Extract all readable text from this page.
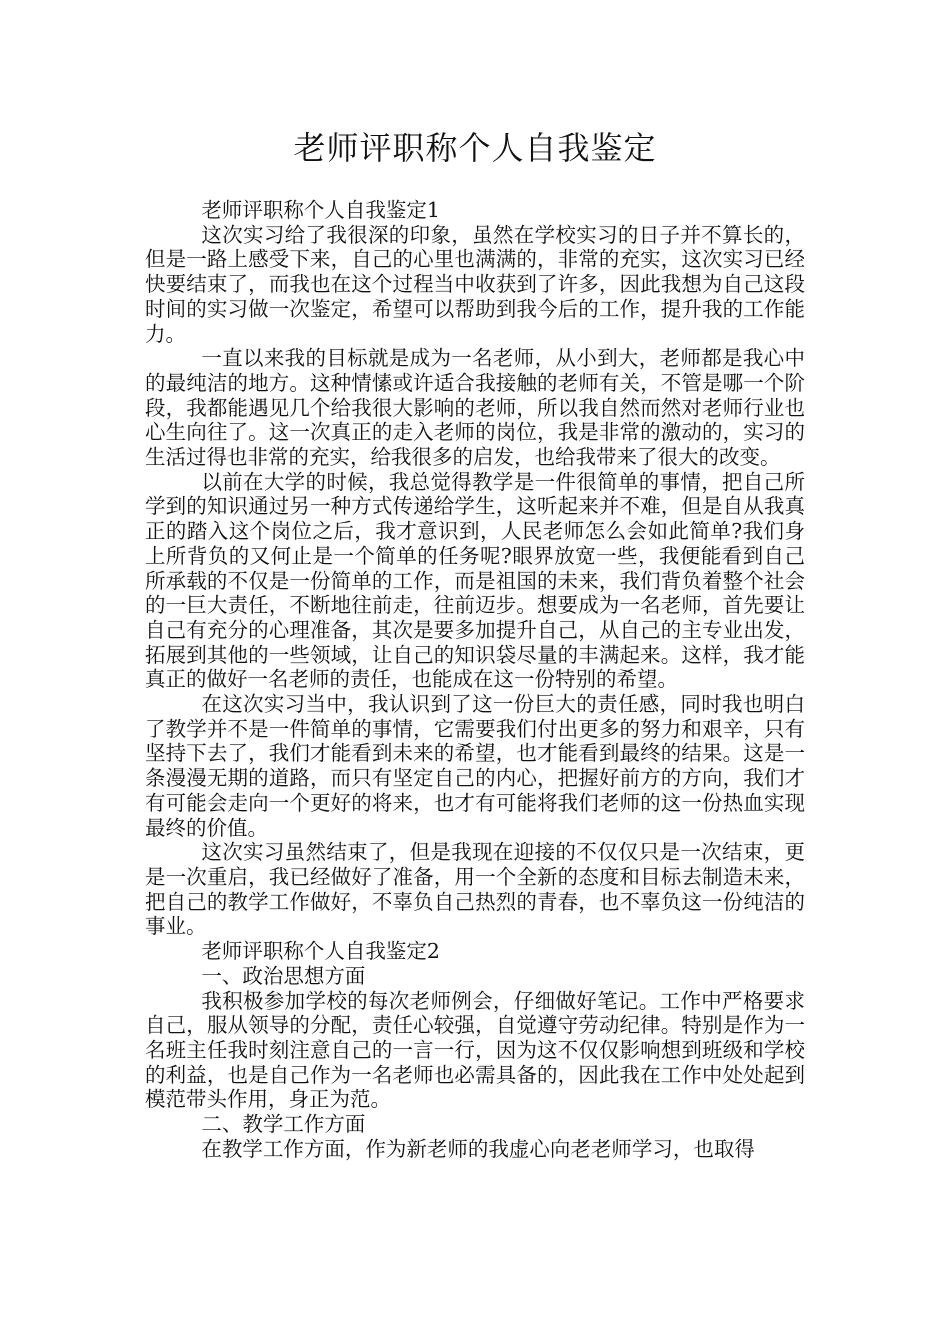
老师评职称个人自我鉴定

老师评职称个人自我鉴定1

这次实习给了我很深的印象，虽然在学校实习的日子并不算长的，但是一路上感受下来，自己的心里也满满的，非常的充实，这次实习已经快要结束了，而我也在这个过程当中收获到了许多，因此我想为自己这段时间的实习做一次鉴定，希望可以帮助到我今后的工作，提升我的工作能力。

一直以来我的目标就是成为一名老师，从小到大，老师都是我心中的最纯洁的地方。这种情愫或许适合我接触的老师有关，不管是哪一个阶段，我都能遇见几个给我很大影响的老师，所以我自然而然对老师行业也心生向往了。这一次真正的走入老师的岗位，我是非常的激动的，实习的生活过得也非常的充实，给我很多的启发，也给我带来了很大的改变。

以前在大学的时候，我总觉得教学是一件很简单的事情，把自己所学到的知识通过另一种方式传递给学生，这听起来并不难，但是自从我真正的踏入这个岗位之后，我才意识到，人民老师怎么会如此简单?我们身上所背负的又何止是一个简单的任务呢?眼界放宽一些，我便能看到自己所承载的不仅是一份简单的工作，而是祖国的未来，我们背负着整个社会的一巨大责任，不断地往前走，往前迈步。想要成为一名老师，首先要让自己有充分的心理准备，其次是要多加提升自己，从自己的主专业出发，拓展到其他的一些领域，让自己的知识袋尽量的丰满起来。这样，我才能真正的做好一名老师的责任，也能成在这一份特别的希望。

在这次实习当中，我认识到了这一份巨大的责任感，同时我也明白了教学并不是一件简单的事情，它需要我们付出更多的努力和艰辛，只有坚持下去了，我们才能看到未来的希望，也才能看到最终的结果。这是一条漫漫无期的道路，而只有坚定自己的内心，把握好前方的方向，我们才有可能会走向一个更好的将来，也才有可能将我们老师的这一份热血实现最终的价值。

这次实习虽然结束了，但是我现在迎接的不仅仅只是一次结束，更是一次重启，我已经做好了准备，用一个全新的态度和目标去制造未来，把自己的教学工作做好，不辜负自己热烈的青春，也不辜负这一份纯洁的事业。

老师评职称个人自我鉴定2

一、政治思想方面

我积极参加学校的每次老师例会，仔细做好笔记。工作中严格要求自己，服从领导的分配，责任心较强，自觉遵守劳动纪律。特别是作为一名班主任我时刻注意自己的一言一行，因为这不仅仅影响想到班级和学校的利益，也是自己作为一名老师也必需具备的，因此我在工作中处处起到模范带头作用，身正为范。

二、教学工作方面

在教学工作方面，作为新老师的我虚心向老老师学习，也取得
